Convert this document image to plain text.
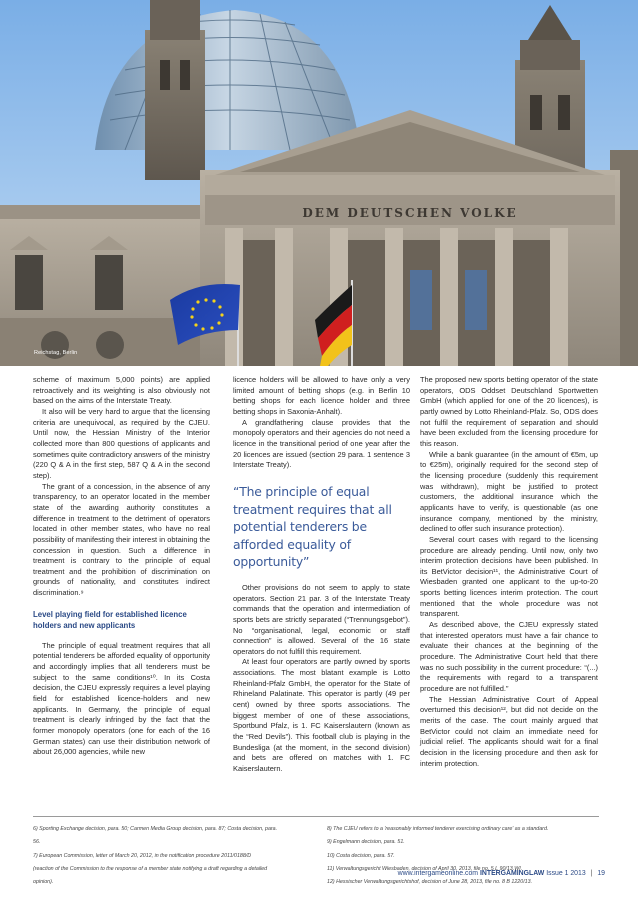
DEM DEUTSCHEN VOLKE
Reichstag, Berlin

scheme of maximum 5,000 points) are applied retroactively and its weighting is also obviously not based on the aims of the Interstate Treaty.

It also will be very hard to argue that the licensing criteria are unequivocal, as required by the CJEU. Until now, the Hessian Ministry of the Interior collected more than 800 questions of applicants and sometimes quite contradictory answers of the ministry (220 Q & A in the first step, 587 Q & A in the second step).

The grant of a concession, in the absence of any transparency, to an operator located in the member state of the awarding authority constitutes a difference in treatment to the detriment of operators located in other member states, who have no real possibility of manifesting their interest in obtaining the concession in question. Such a difference in treatment is contrary to the principle of equal treatment and the prohibition of discrimination on grounds of nationality, and constitutes indirect discrimination.⁹

Level playing field for established licence holders and new applicants

The principle of equal treatment requires that all potential tenderers be afforded equality of opportunity and accordingly implies that all tenderers must be subject to the same conditions¹⁰. In its Costa decision, the CJEU expressly requires a level playing field for established licence-holders and new applicants. In Germany, the principle of equal treatment is clearly infringed by the fact that the former monopoly operators (one for each of the 16 German states) can use their distribution network of about 26,000 agencies, while new

licence holders will be allowed to have only a very limited amount of betting shops (e.g. in Berlin 10 betting shops for each licence holder and three betting shops in Saxonia-Anhalt).

A grandfathering clause provides that the monopoly operators and their agencies do not need a licence in the transitional period of one year after the 20 licences are issued (section 29 para. 1 sentence 3 Interstate Treaty).

“The principle of equal treatment requires that all potential tenderers be afforded equality of opportunity”

Other provisions do not seem to apply to state operators. Section 21 par. 3 of the Interstate Treaty commands that the operation and intermediation of sports bets are strictly separated (“Trennungsgebot”). No “organisational, legal, economic or staff connection” is allowed. Several of the 16 state operators do not fulfill this requirement.

At least four operators are partly owned by sports associations. The most blatant example is Lotto Rheinland-Pfalz GmbH, the operator for the State of Rhineland Palatinate. This operator is partly (49 per cent) owned by three sports associations. The biggest member of one of these associations, Sportbund Pfalz, is 1. FC Kaiserslautern (known as the “Red Devils”). This football club is playing in the Bundesliga (at the moment, in the second division) and bets are offered on matches with 1. FC Kaiserslautern.

The proposed new sports betting operator of the state operators, ODS Oddset Deutschland Sportwetten GmbH (which applied for one of the 20 licences), is partly owned by Lotto Rheinland-Pfalz. So, ODS does not fulfil the requirement of separation and should have been excluded from the licensing procedure for this reason.

While a bank guarantee (in the amount of €5m, up to €25m), originally required for the second step of the licensing procedure (suddenly this requirement was withdrawn), might be justified to protect customers, the additional insurance which the applicants have to verify, is questionable (as one insurance company, mentioned by the ministry, declined to offer such insurance protection).

Several court cases with regard to the licensing procedure are already pending. Until now, only two interim protection decisions have been published. In its BetVictor decision¹¹, the Administrative Court of Wiesbaden granted one applicant to the up-to-20 sports betting licences interim protection. The court mentioned that the whole procedure was not transparent.

As described above, the CJEU expressly stated that interested operators must have a fair chance to evaluate their chances at the beginning of the procedure. The Administrative Court held that there was no such possibility in the current procedure: “(...) the requirements with regard to a transparent procedure are not fulfilled.”

The Hessian Administrative Court of Appeal overturned this decision¹², but did not decide on the merits of the case. The court mainly argued that BetVictor could not claim an immediate need for judicial relief. The applicants should wait for a final decision in the licensing procedure and then ask for interim protection.

6) Sporting Exchange decision, para. 50; Carmen Media Group decision, para. 87; Costa decision, para.
56.
7) European Commission, letter of March 20, 2012, in the notification procedure 2011/0188/D
(reaction of the Commission to the response of a member state notifying a draft regarding a detailed
opinion).
8) The CJEU refers to a 'reasonably informed tenderer exercising ordinary care' as a standard.
9) Engelmann decision, para. 51.
10) Costa decision, para. 57.
11) Verwaltungsgericht Wiesbaden, decision of April 30, 2013, file no. 5 L 90/13.WI.
12) Hessischer Verwaltungsgerichtshof, decision of June 28, 2013, file no. 8 B 1220/13.
www.intergameonline.com INTERGAMINGLAW Issue 1 2013 | 19
